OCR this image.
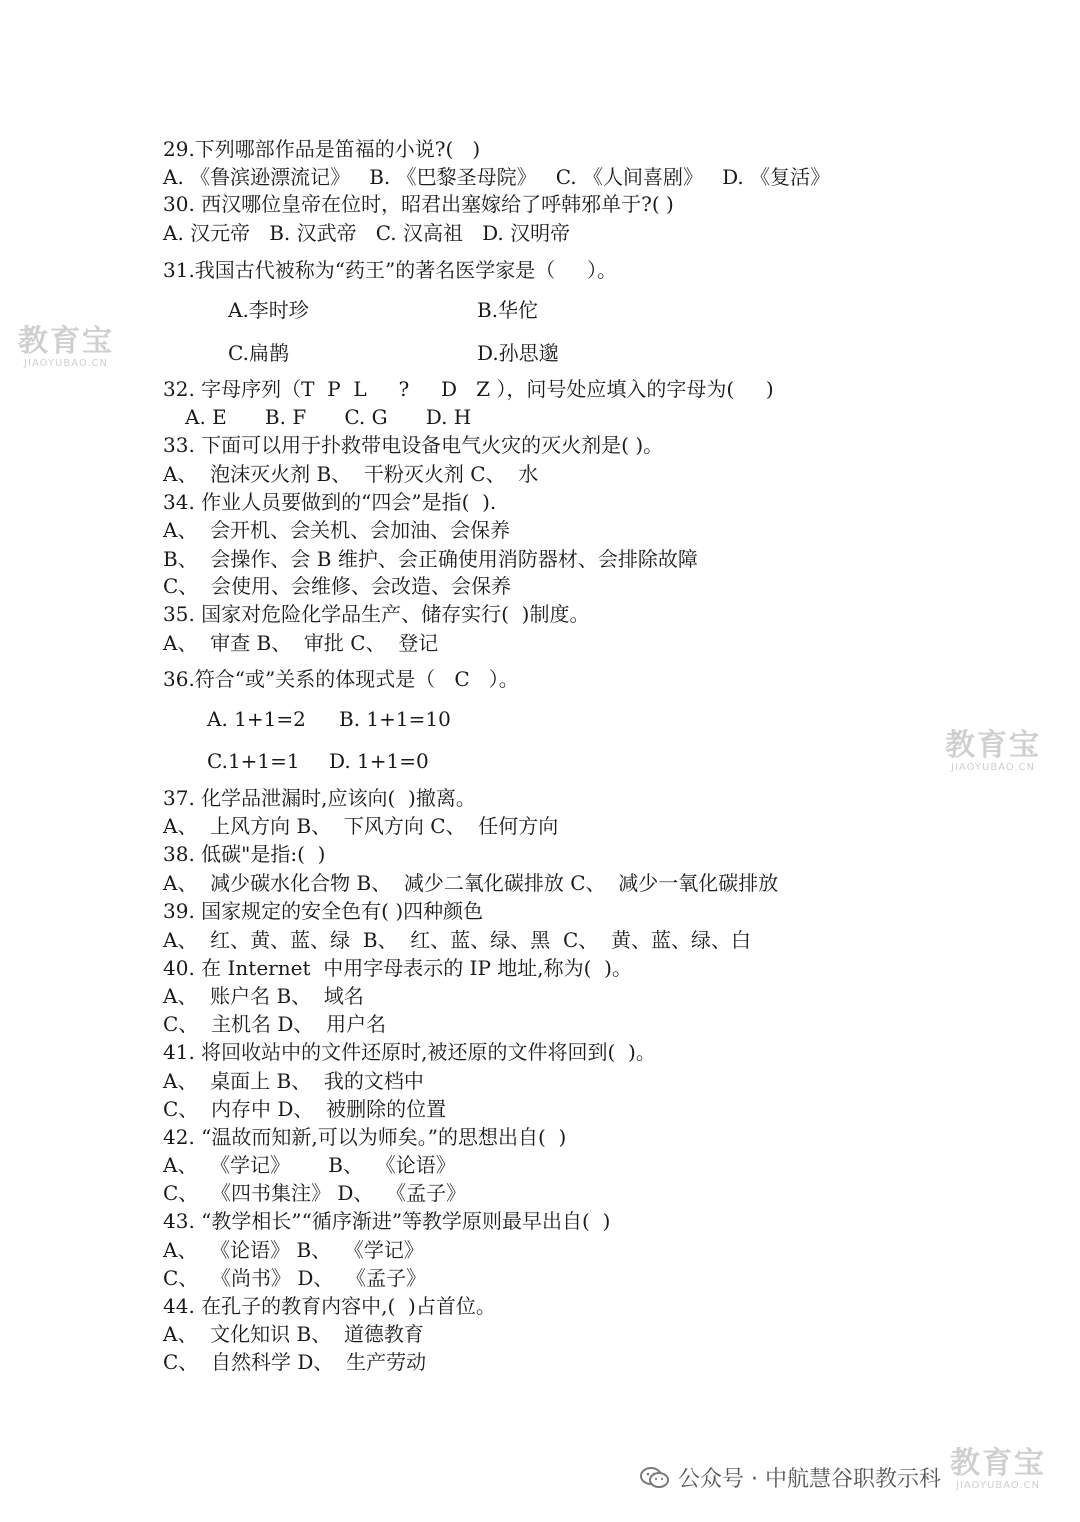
教育宝
JIAOYUBAO.CN
教育宝
JIAOYUBAO.CN
教育宝
JIAOYUBAO.CN
29.下列哪部作品是笛福的小说?(   )
A. 《鲁滨逊漂流记》   B. 《巴黎圣母院》   C. 《人间喜剧》   D. 《复活》
30. 西汉哪位皇帝在位时，昭君出塞嫁给了呼韩邪单于?( )
A. 汉元帝   B. 汉武帝   C. 汉高祖   D. 汉明帝
31.我国古代被称为“药王”的著名医学家是（     ）。
A.李时珍	B.华佗
C.扁鹊	D.孙思邈
32. 字母序列（T  P  L     ?     D   Z ），问号处应填入的字母为(     )
A. E      B. F      C. G      D. H
33. 下面可以用于扑救带电设备电气火灾的灭火剂是( )。
A、  泡沫灭火剂 B、  干粉灭火剂 C、  水
34. 作业人员要做到的“四会”是指(  ).
A、  会开机、会关机、会加油、会保养
B、  会操作、会 B 维护、会正确使用消防器材、会排除故障
C、  会使用、会维修、会改造、会保养
35. 国家对危险化学品生产、储存实行(  )制度。
A、  审查 B、  审批 C、  登记
36.符合“或”关系的体现式是（   C   ）。
A. 1+1=2 B. 1+1=10
C.1+1=1 D. 1+1=0
37. 化学品泄漏时,应该向(  )撤离。
A、  上风方向 B、  下风方向 C、  任何方向
38. 低碳"是指:(  )
A、  减少碳水化合物 B、  减少二氧化碳排放 C、  减少一氧化碳排放
39. 国家规定的安全色有( )四种颜色
A、  红、黄、蓝、绿  B、  红、蓝、绿、黑  C、  黄、蓝、绿、白
40. 在 Internet  中用字母表示的 IP 地址,称为(  )。
A、  账户名 B、  域名
C、  主机名 D、  用户名
41. 将回收站中的文件还原时,被还原的文件将回到(  )。
A、  桌面上 B、  我的文档中
C、  内存中 D、  被删除的位置
42. “温故而知新,可以为师矣。”的思想出自(  )
A、  《学记》      B、  《论语》
C、  《四书集注》 D、  《孟子》
43. “教学相长”“循序渐进”等教学原则最早出自(  )
A、  《论语》 B、  《学记》
C、  《尚书》 D、  《孟子》
44. 在孔子的教育内容中,(  )占首位。
A、  文化知识 B、  道德教育
C、  自然科学 D、  生产劳动
公众号 · 中航慧谷职教示科
